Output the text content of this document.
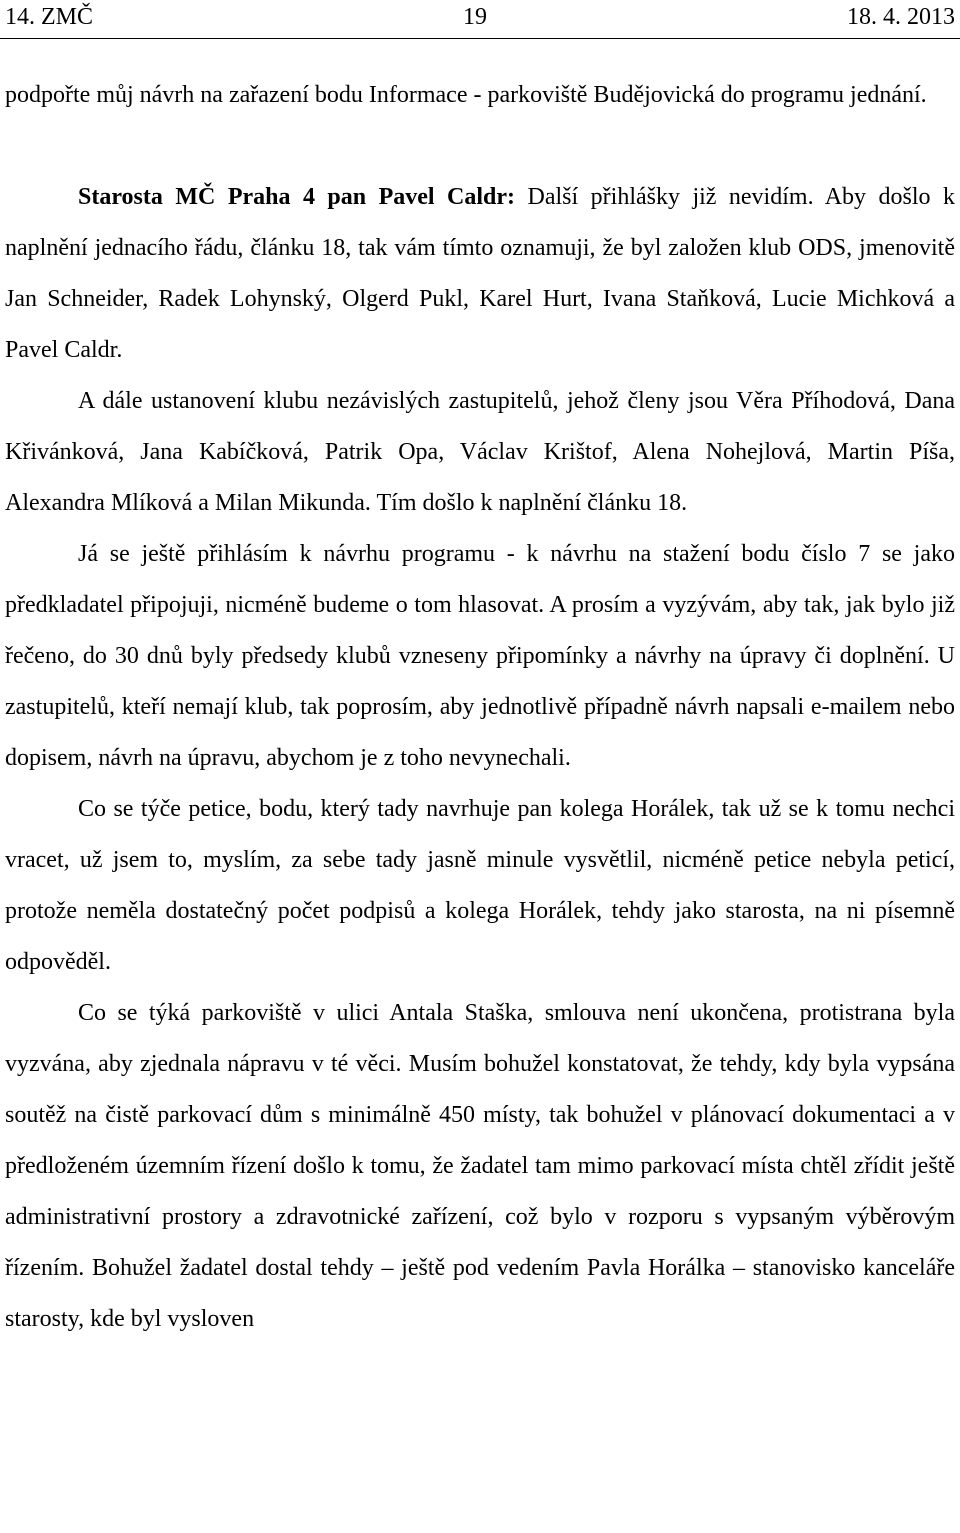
14. ZMČ	19	18. 4. 2013

podpořte můj návrh na zařazení bodu Informace - parkoviště Budějovická do programu jednání.

Starosta MČ Praha 4 pan Pavel Caldr: Další přihlášky již nevidím. Aby došlo k naplnění jednacího řádu, článku 18, tak vám tímto oznamuji, že byl založen klub ODS, jmenovitě Jan Schneider, Radek Lohynský, Olgerd Pukl, Karel Hurt, Ivana Staňková, Lucie Michková a Pavel Caldr.

A dále ustanovení klubu nezávislých zastupitelů, jehož členy jsou Věra Příhodová, Dana Křivánková, Jana Kabíčková, Patrik Opa, Václav Krištof, Alena Nohejlová, Martin Píša, Alexandra Mlíková a Milan Mikunda. Tím došlo k naplnění článku 18.

Já se ještě přihlásím k návrhu programu - k návrhu na stažení bodu číslo 7 se jako předkladatel připojuji, nicméně budeme o tom hlasovat. A prosím a vyzývám, aby tak, jak bylo již řečeno, do 30 dnů byly předsedy klubů vzneseny připomínky a návrhy na úpravy či doplnění. U zastupitelů, kteří nemají klub, tak poprosím, aby jednotlivě případně návrh napsali e-mailem nebo dopisem, návrh na úpravu, abychom je z toho nevynechali.

Co se týče petice, bodu, který tady navrhuje pan kolega Horálek, tak už se k tomu nechci vracet, už jsem to, myslím, za sebe tady jasně minule vysvětlil, nicméně petice nebyla peticí, protože neměla dostatečný počet podpisů a kolega Horálek, tehdy jako starosta, na ni písemně odpověděl.

Co se týká parkoviště v ulici Antala Staška, smlouva není ukončena, protistrana byla vyzvána, aby zjednala nápravu v té věci. Musím bohužel konstatovat, že tehdy, kdy byla vypsána soutěž na čistě parkovací dům s minimálně 450 místy, tak bohužel v plánovací dokumentaci a v předloženém územním řízení došlo k tomu, že žadatel tam mimo parkovací místa chtěl zřídit ještě administrativní prostory a zdravotnické zařízení, což bylo v rozporu s vypsaným výběrovým řízením. Bohužel žadatel dostal tehdy – ještě pod vedením Pavla Horálka – stanovisko kanceláře starosty, kde byl vysloven
